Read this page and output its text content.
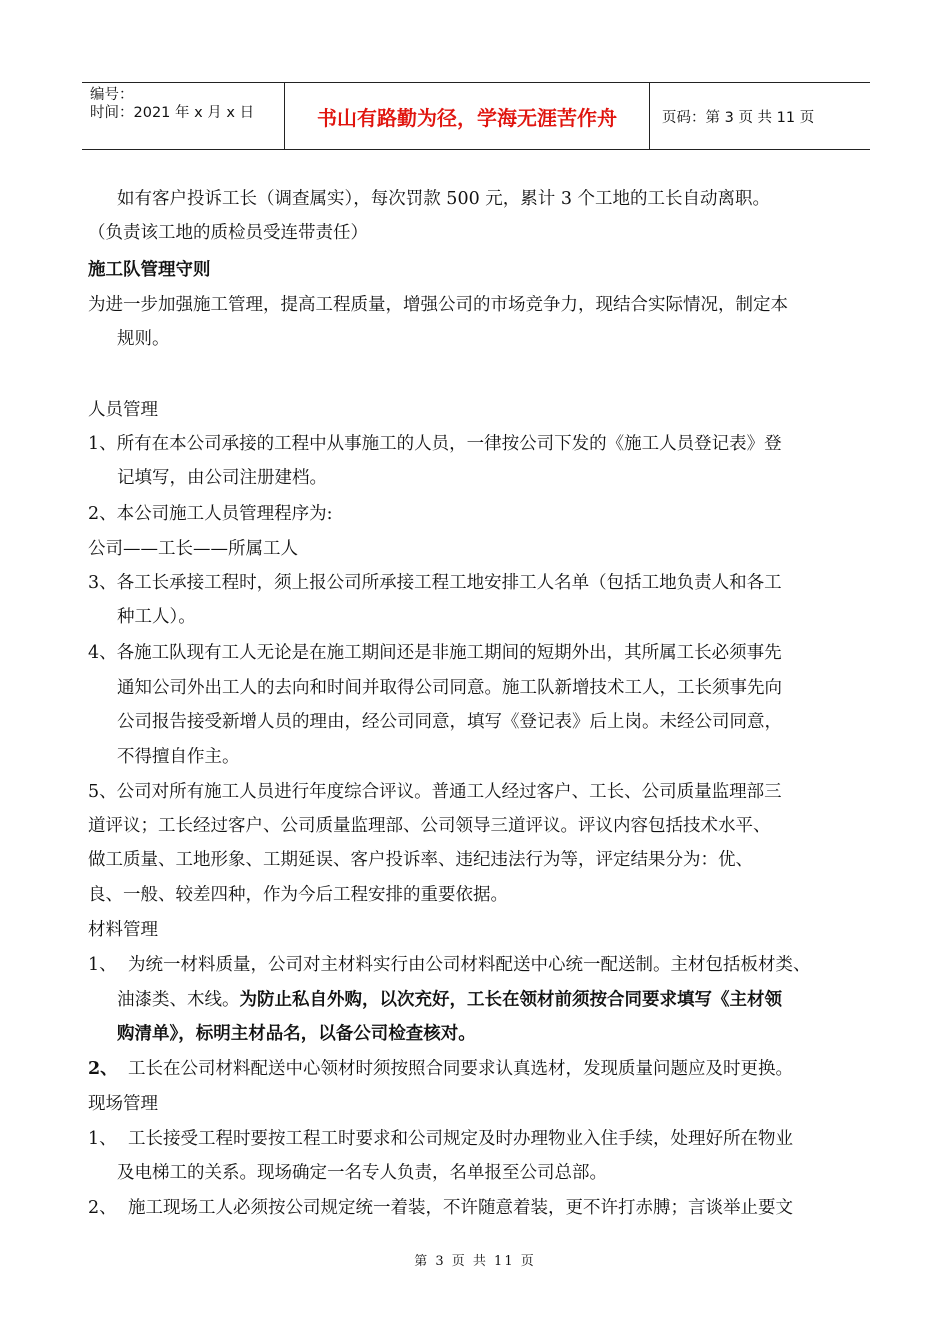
编号：
时间：2021 年 x 月 x 日	书山有路勤为径，学海无涯苦作舟	页码：第 3 页 共 11 页

如有客户投诉工长（调查属实），每次罚款 500 元，累计 3 个工地的工长自动离职。

（负责该工地的质检员受连带责任）

施工队管理守则

为进一步加强施工管理，提高工程质量，增强公司的市场竞争力，现结合实际情况，制定本

规则。

人员管理

1、所有在本公司承接的工程中从事施工的人员，一律按公司下发的《施工人员登记表》登

记填写，由公司注册建档。

2、本公司施工人员管理程序为:

公司——工长——所属工人

3、各工长承接工程时，须上报公司所承接工程工地安排工人名单（包括工地负责人和各工

种工人）。

4、各施工队现有工人无论是在施工期间还是非施工期间的短期外出，其所属工长必须事先

通知公司外出工人的去向和时间并取得公司同意。施工队新增技术工人，工长须事先向

公司报告接受新增人员的理由，经公司同意，填写《登记表》后上岗。未经公司同意，

不得擅自作主。

5、公司对所有施工人员进行年度综合评议。普通工人经过客户、工长、公司质量监理部三

道评议；工长经过客户、公司质量监理部、公司领导三道评议。评议内容包括技术水平、

做工质量、工地形象、工期延误、客户投诉率、违纪违法行为等，评定结果分为：优、

良、一般、较差四种，作为今后工程安排的重要依据。

材料管理

1、 为统一材料质量，公司对主材料实行由公司材料配送中心统一配送制。主材包括板材类、

油漆类、木线。为防止私自外购，以次充好，工长在领材前须按合同要求填写《主材领

购清单》，标明主材品名，以备公司检查核对。

2、 工长在公司材料配送中心领材时须按照合同要求认真选材，发现质量问题应及时更换。

现场管理

1、 工长接受工程时要按工程工时要求和公司规定及时办理物业入住手续，处理好所在物业

及电梯工的关系。现场确定一名专人负责，名单报至公司总部。

2、 施工现场工人必须按公司规定统一着装，不许随意着装，更不许打赤膊；言谈举止要文

第 3 页 共 11 页
